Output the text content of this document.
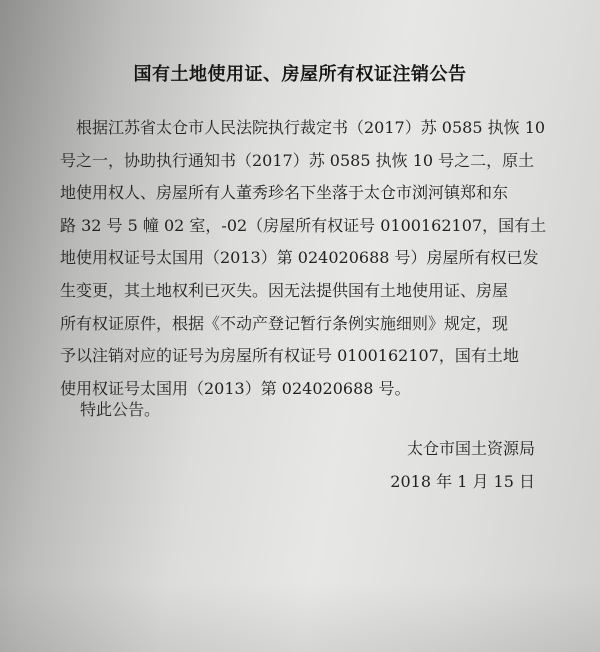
国有土地使用证、房屋所有权证注销公告
根据江苏省太仓市人民法院执行裁定书（2017）苏 0585 执恢 10
号之一，协助执行通知书（2017）苏 0585 执恢 10 号之二，原土
地使用权人、房屋所有人董秀珍名下坐落于太仓市浏河镇郑和东
路 32 号 5 幢 02 室，-02（房屋所有权证号 0100162107，国有土
地使用权证号太国用（2013）第 024020688 号）房屋所有权已发
生变更，其土地权利已灭失。因无法提供国有土地使用证、房屋
所有权证原件，根据《不动产登记暂行条例实施细则》规定，现
予以注销对应的证号为房屋所有权证号 0100162107，国有土地
使用权证号太国用（2013）第 024020688 号。
特此公告。
太仓市国土资源局
2018 年 1 月 15 日
